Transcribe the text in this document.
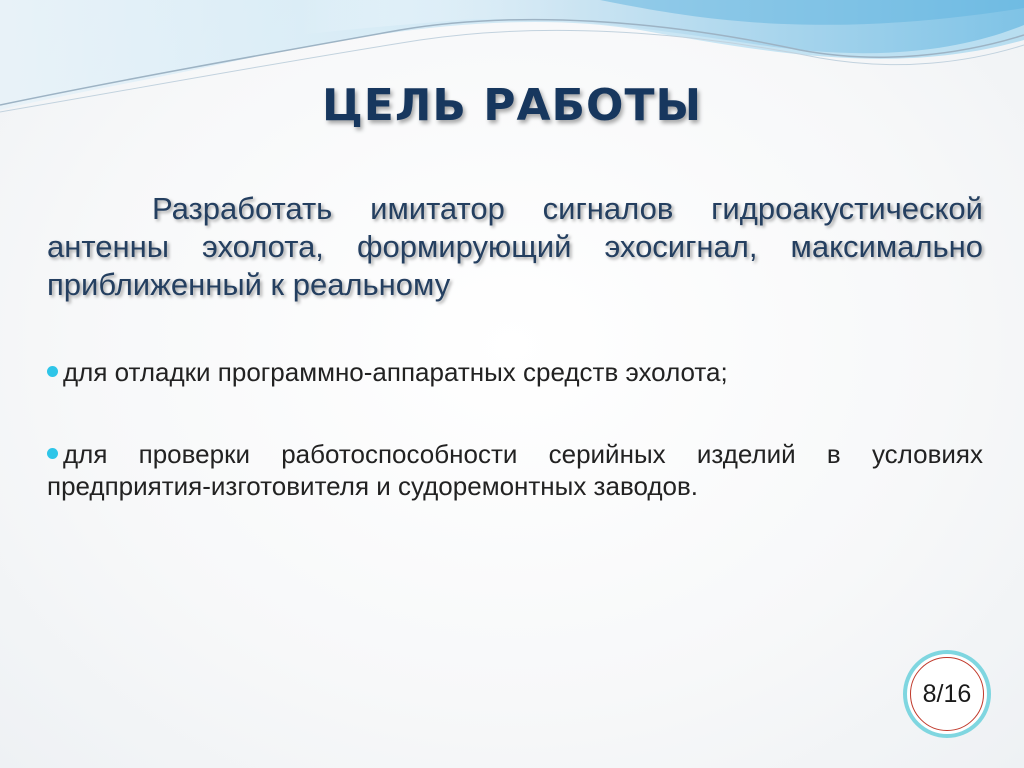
ЦЕЛЬ РАБОТЫ

Разработать имитатор сигналов гидроакустической антенны эхолота, формирующий эхосигнал, максимально приближенный к реальному

для отладки программно-аппаратных средств эхолота;

для проверки работоспособности серийных изделий в условиях предприятия-изготовителя и судоремонтных заводов.

8/16
